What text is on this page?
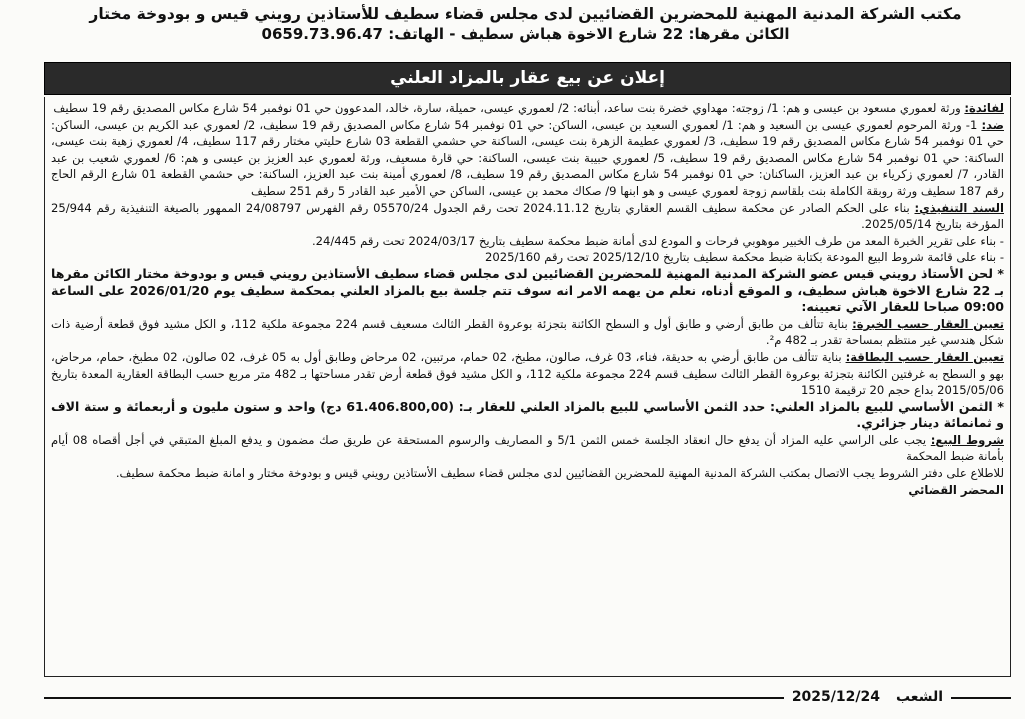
مكتب الشركة المدنية المهنية للمحضرين القضائيين لدى مجلس قضاء سطيف للأستاذين رويني قيس و بودوخة مختار
الكائن مقرها: 22 شارع الاخوة هباش سطيف - الهاتف: 0659.73.96.47
إعلان عن بيع عقار بالمزاد العلني

لفائدة: ورثة لعموري مسعود بن عيسى و هم: 1/ زوجته: مهداوي خضرة بنت ساعد، أبنائه: 2/ لعموري عيسى، حميلة، سارة، خالد، المدعوون حي 01 نوفمبر 54 شارع مكاس المصديق رقم 19 سطيف

ضد: 1- ورثة المرحوم لعموري عيسى بن السعيد و هم: 1/ لعموري السعيد بن عيسى، الساكن: حي 01 نوفمبر 54 شارع مكاس المصديق رقم 19 سطيف، 2/ لعموري عبد الكريم بن عيسى، الساكن: حي 01 نوفمبر 54 شارع مكاس المصديق رقم 19 سطيف، 3/ لعموري عطيمة الزهرة بنت عيسى، الساكنة حي حشمي القطعة 03 شارع حليتي مختار رقم 117 سطيف، 4/ لعموري زهية بنت عيسى، الساكنة: حي 01 نوفمبر 54 شارع مكاس المصديق رقم 19 سطيف، 5/ لعموري حبيبة بنت عيسى، الساكنة: حي قارة مسعيف، ورثة لعموري عبد العزيز بن عيسى و هم: 6/ لعموري شعيب بن عبد القادر، 7/ لعموري زكرياء بن عبد العزيز، الساكنان: حي 01 نوفمبر 54 شارع مكاس المصديق رقم 19 سطيف، 8/ لعموري أمينة بنت عبد العزيز، الساكنة: حي حشمي القطعة 01 شارع الرقم الحاج رقم 187 سطيف ورثة روبقة الكاملة بنت بلقاسم زوجة لعموري عيسى و هو ابنها 9/ صكاك محمد بن عيسى، الساكن حي الأمير عبد القادر 5 رقم 251 سطيف

السند التنفيذي: بناء على الحكم الصادر عن محكمة سطيف القسم العقاري بتاريخ 2024.11.12 تحت رقم الجدول 05570/24 رقم الفهرس 24/08797 الممهور بالصيغة التنفيذية رقم 25/944 المؤرخة بتاريخ 2025/05/14.

- بناء على تقرير الخبرة المعد من طرف الخبير موهوبي فرحات و المودع لدى أمانة ضبط محكمة سطيف بتاريخ 2024/03/17 تحت رقم 24/445.

- بناء على قائمة شروط البيع المودعة بكتابة ضبط محكمة سطيف بتاريخ 2025/12/10 تحت رقم 2025/160

* لحن الأستاذ رويني قيس عضو الشركة المدنية المهنية للمحضرين القضائيين لدى مجلس قضاء سطيف الأستاذين رويني قيس و بودوخة مختار الكائن مقرها بـ 22 شارع الاخوة هباش سطيف، و الموقع أدناه، نعلم من يهمه الامر انه سوف تتم جلسة بيع بالمزاد العلني بمحكمة سطيف يوم 2026/01/20 على الساعة 09:00 صباحا للعقار الآتي تعيينه:

تعيين العقار حسب الخبرة: بناية تتألف من طابق أرضي و طابق أول و السطح الكائنة بتجزئة بوعروة القطر الثالث مسعيف قسم 224 مجموعة ملكية 112، و الكل مشيد فوق قطعة أرضية ذات شكل هندسي غير منتظم بمساحة تقدر بـ 482 م².

تعيين العقار حسب البطاقة: بناية تتألف من طابق أرضي به حديقة، فناء، 03 غرف، صالون، مطبخ، 02 حمام، مرتبين، 02 مرحاض وطابق أول به 05 غرف، 02 صالون، 02 مطبخ، حمام، مرحاض، بهو و السطح به غرفتين الكائنة بتجزئة بوعروة القطر الثالث سطيف قسم 224 مجموعة ملكية 112، و الكل مشيد فوق قطعة أرض تقدر مساحتها بـ 482 متر مربع حسب البطاقة العقارية المعدة بتاريخ 2015/05/06 بداع حجم 20 ترقيمة 1510

* الثمن الأساسي للبيع بالمزاد العلني: حدد الثمن الأساسي للبيع بالمزاد العلني للعقار بـ: (61.406.800,00 دج) واحد و ستون مليون و أربعمائة و ستة الاف و ثمانمائة دينار جزائري.

شروط البيع: يجب على الراسي عليه المزاد أن يدفع حال انعقاد الجلسة خمس الثمن 5/1 و المصاريف والرسوم المستحقة عن طريق صك مضمون و يدفع المبلغ المتبقي في أجل أقصاه 08 أيام بأمانة ضبط المحكمة

للاطلاع على دفتر الشروط يجب الاتصال بمكتب الشركة المدنية المهنية للمحضرين القضائيين لدى مجلس قضاء سطيف الأستاذين رويني قيس و بودوخة مختار و امانة ضبط محكمة سطيف.

المحضر القضائي

الشعب2025/12/24
